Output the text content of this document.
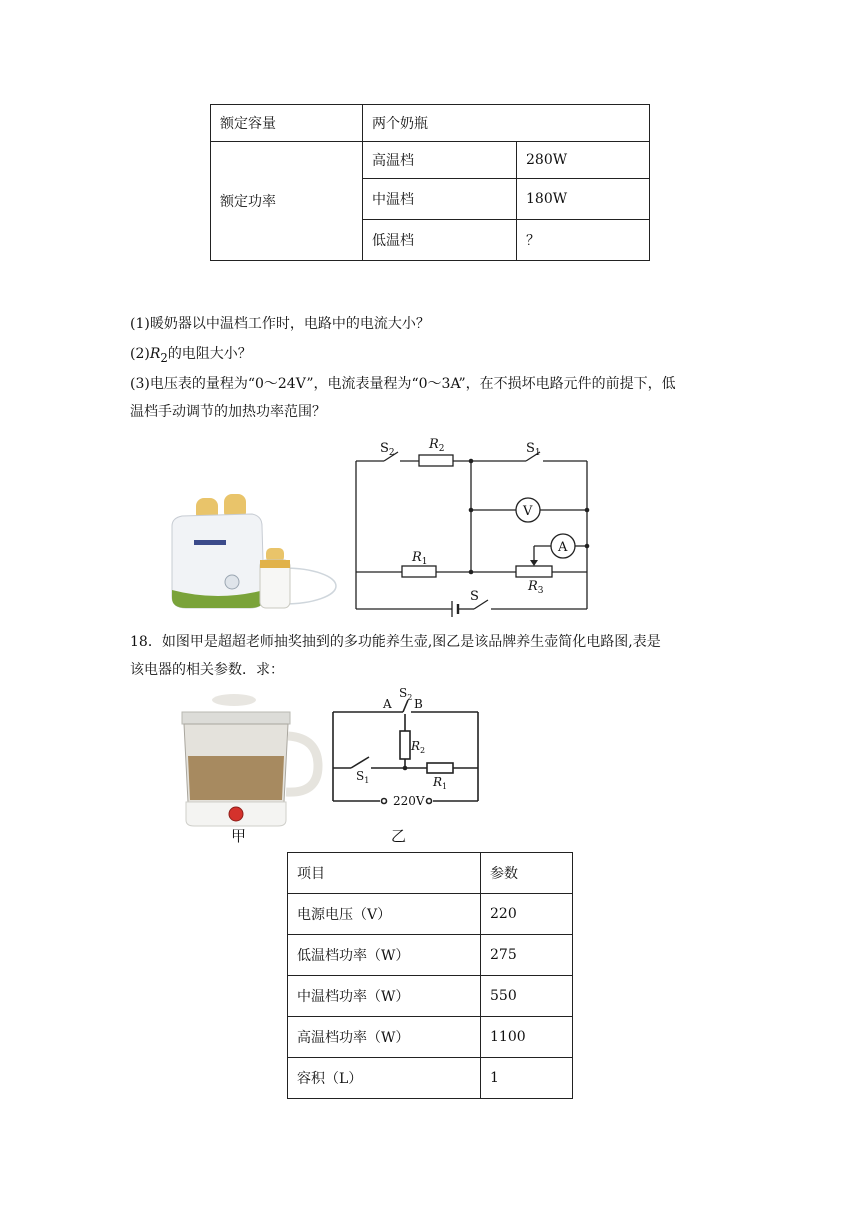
额定容量	两个奶瓶	
额定功率	高温档	280W
	中温档	180W
	低温档	？
(1)暖奶器以中温档工作时，电路中的电流大小？
$(2)R_2$的电阻大小？
(3)电压表的量程为“0～24V”，电流表量程为“0～3A”，在不损坏电路元件的前提下，低
温档手动调节的加热功率范围？
$S_2$
$R_2$	$S_1$
V
A
$R_1$
$R_3$
S
18．如图甲是超超老师抽奖抽到的多功能养生壶,图乙是该品牌养生壶简化电路图,表是
该电器的相关参数．求：
A B
$S_2$
$R_2$
$S_1$	$R_1$
220V
甲	乙
项目	参数
电源电压（V）	220
低温档功率（W）	275
中温档功率（W）	550
高温档功率（W）	1100
容积（L）	1
